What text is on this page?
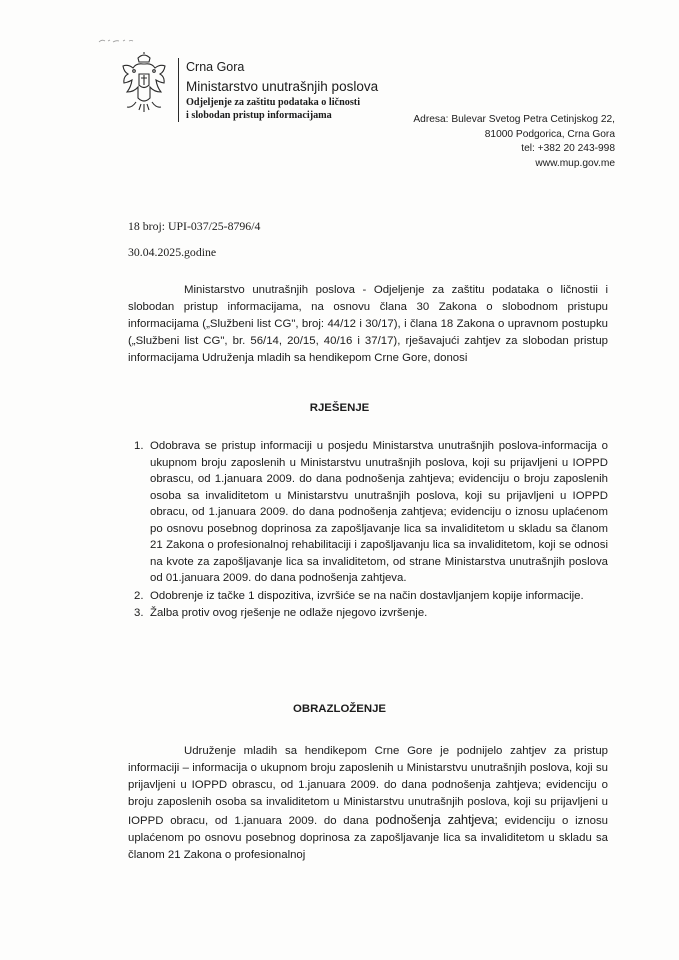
Crna Gora
Ministarstvo unutrašnjih poslova
Odjeljenje za zaštitu podataka o ličnosti
i slobodan pristup informacijama	Adresa: Bulevar Svetog Petra Cetinjskog 22,
81000 Podgorica, Crna Gora
tel: +382 20 243-998
www.mup.gov.me
18 broj: UPI-037/25-8796/4
30.04.2025.godine
Ministarstvo unutrašnjih poslova - Odjeljenje za zaštitu podataka o ličnostii i slobodan pristup informacijama, na osnovu člana 30 Zakona o slobodnom pristupu informacijama („Službeni list CG", broj: 44/12 i 30/17), i člana 18 Zakona o upravnom postupku („Službeni list CG", br. 56/14, 20/15, 40/16 i 37/17), rješavajući zahtjev za slobodan pristup informacijama Udruženja mladih sa hendikepom Crne Gore, donosi
RJEŠENJE
1. Odobrava se pristup informaciji u posjedu Ministarstva unutrašnjih poslova-informacija o ukupnom broju zaposlenih u Ministarstvu unutrašnjih poslova, koji su prijavljeni u IOPPD obrascu, od 1.januara 2009. do dana podnošenja zahtjeva; evidenciju o broju zaposlenih osoba sa invaliditetom u Ministarstvu unutrašnjih poslova, koji su prijavljeni u IOPPD obracu, od 1.januara 2009. do dana podnošenja zahtjeva; evidenciju o iznosu uplaćenom po osnovu posebnog doprinosa za zapošljavanje lica sa invaliditetom u skladu sa članom 21 Zakona o profesionalnoj rehabilitaciji i zapošljavanju lica sa invaliditetom, koji se odnosi na kvote za zapošljavanje lica sa invaliditetom, od strane Ministarstva unutrašnjih poslova od 01.januara 2009. do dana podnošenja zahtjeva.
2. Odobrenje iz tačke 1 dispozitiva, izvršiće se na način dostavljanjem kopije informacije.
3. Žalba protiv ovog rješenje ne odlaže njegovo izvršenje.
OBRAZLOŽENJE
Udruženje mladih sa hendikepom Crne Gore je podnijelo zahtjev za pristup informaciji – informacija o ukupnom broju zaposlenih u Ministarstvu unutrašnjih poslova, koji su prijavljeni u IOPPD obrascu, od 1.januara 2009. do dana podnošenja zahtjeva; evidenciju o broju zaposlenih osoba sa invaliditetom u Ministarstvu unutrašnjih poslova, koji su prijavljeni u IOPPD obracu, od 1.januara 2009. do dana podnošenja zahtjeva; evidenciju o iznosu uplaćenom po osnovu posebnog doprinosa za zapošljavanje lica sa invaliditetom u skladu sa članom 21 Zakona o profesionalnoj
